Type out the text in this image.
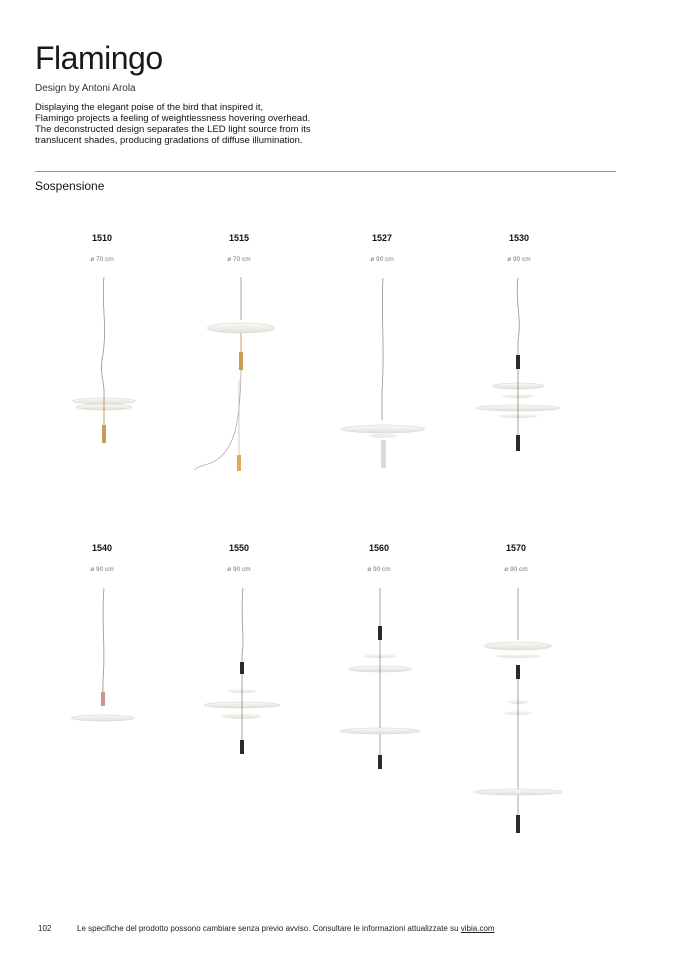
Flamingo
Design by Antoni Arola
Displaying the elegant poise of the bird that inspired it,
Flamingo projects a feeling of weightlessness hovering overhead.
The deconstructed design separates the LED light source from its
translucent shades, producing gradations of diffuse illumination.
Sospensione
1510
ø 70 cm
1515
ø 70 cm
1527
ø 90 cm
1530
ø 90 cm
1540
ø 90 cm
1550
ø 90 cm
1560
ø 90 cm
1570
ø 90 cm
102	Le specifiche del prodotto possono cambiare senza previo avviso. Consultare le informazioni attualizzate su vibia.com
